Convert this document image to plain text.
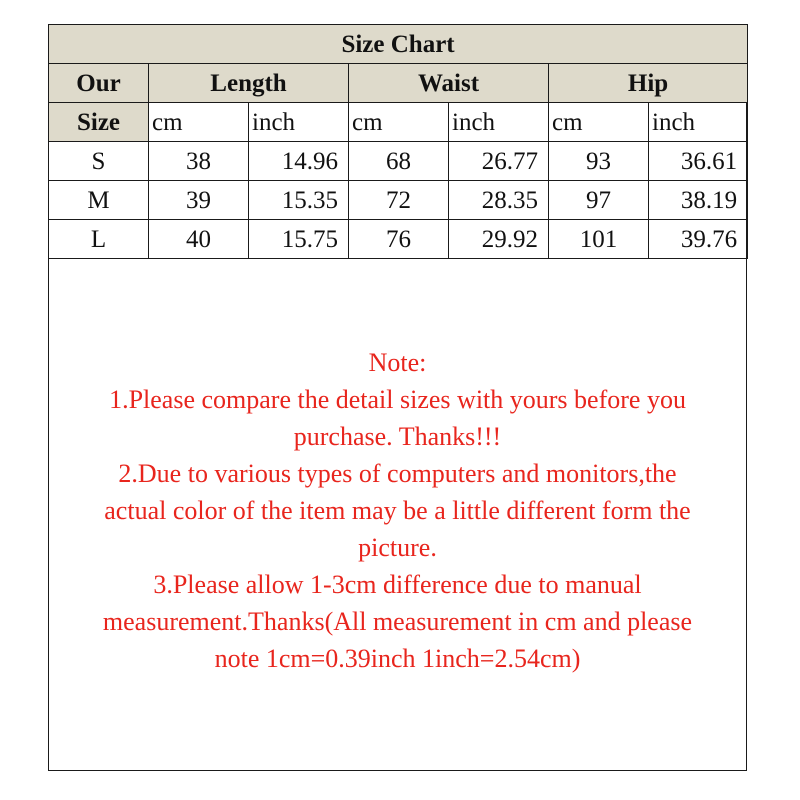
Size Chart						
Our	Length		Waist		Hip	
Size	cm	inch	cm	inch	cm	inch
S	38	14.96	68	26.77	93	36.61
M	39	15.35	72	28.35	97	38.19
L	40	15.75	76	29.92	101	39.76
Note:
1.Please compare the detail sizes with yours before you
purchase. Thanks!!!
2.Due to various types of computers and monitors,the
actual color of the item may be a little different form the
picture.
3.Please allow 1-3cm difference due to manual
measurement.Thanks(All measurement in cm and please
note 1cm=0.39inch 1inch=2.54cm)
